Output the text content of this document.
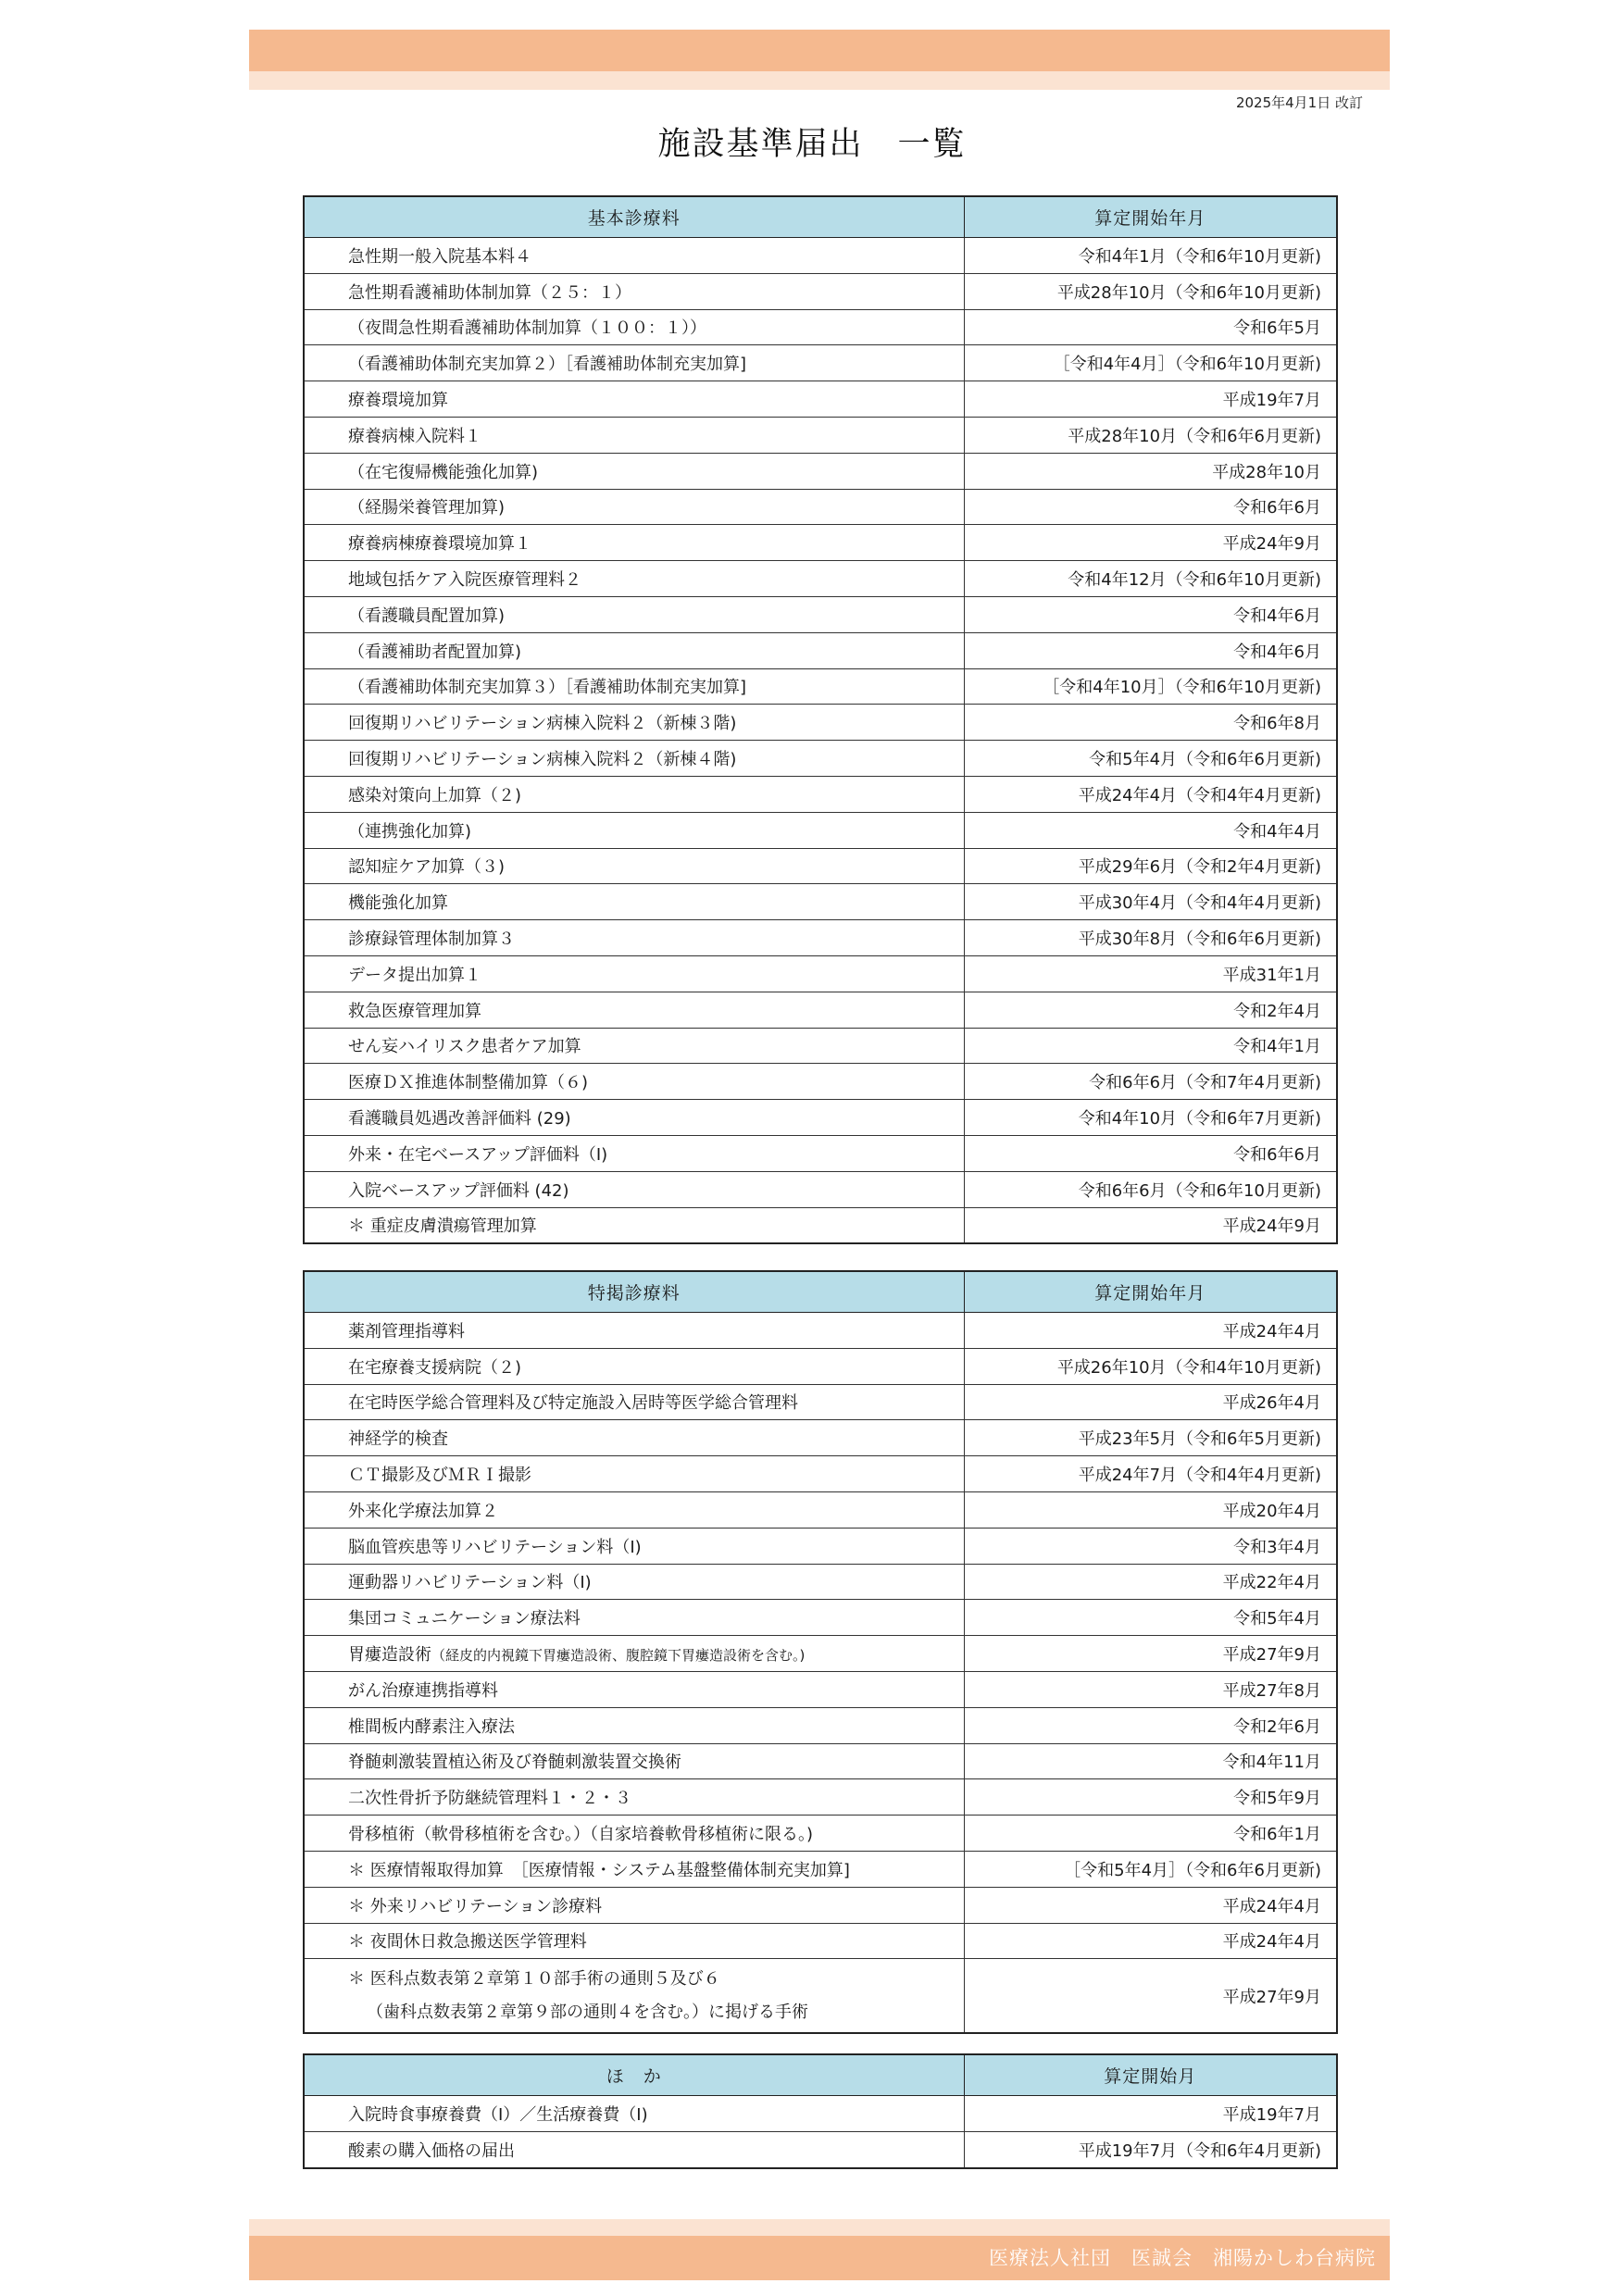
2025年4月1日 改訂
施設基準届出　一覧
基本診療料	算定開始年月
急性期一般入院基本料４	令和4年1月（令和6年10月更新)
急性期看護補助体制加算（２５：１）	平成28年10月（令和6年10月更新)
（夜間急性期看護補助体制加算（１００：１））	令和6年5月
（看護補助体制充実加算２）［看護補助体制充実加算]	［令和4年4月］（令和6年10月更新)
療養環境加算	平成19年7月
療養病棟入院料１	平成28年10月（令和6年6月更新)
（在宅復帰機能強化加算)	平成28年10月
（経腸栄養管理加算)	令和6年6月
療養病棟療養環境加算１	平成24年9月
地域包括ケア入院医療管理料２	令和4年12月（令和6年10月更新)
（看護職員配置加算)	令和4年6月
（看護補助者配置加算)	令和4年6月
（看護補助体制充実加算３）［看護補助体制充実加算]	［令和4年10月］（令和6年10月更新)
回復期リハビリテーション病棟入院料２（新棟３階)	令和6年8月
回復期リハビリテーション病棟入院料２（新棟４階)	令和5年4月（令和6年6月更新)
感染対策向上加算（２)	平成24年4月（令和4年4月更新)
（連携強化加算)	令和4年4月
認知症ケア加算（３)	平成29年6月（令和2年4月更新)
機能強化加算	平成30年4月（令和4年4月更新)
診療録管理体制加算３	平成30年8月（令和6年6月更新)
データ提出加算１	平成31年1月
救急医療管理加算	令和2年4月
せん妄ハイリスク患者ケア加算	令和4年1月
医療ＤＸ推進体制整備加算（６)	令和6年6月（令和7年4月更新)
看護職員処遇改善評価料 (29)	令和4年10月（令和6年7月更新)
外来・在宅ベースアップ評価料（Ⅰ)	令和6年6月
入院ベースアップ評価料 (42)	令和6年6月（令和6年10月更新)
＊ 重症皮膚潰瘍管理加算	平成24年9月
特掲診療料	算定開始年月
薬剤管理指導料	平成24年4月
在宅療養支援病院（２)	平成26年10月（令和4年10月更新)
在宅時医学総合管理料及び特定施設入居時等医学総合管理料	平成26年4月
神経学的検査	平成23年5月（令和6年5月更新)
ＣＴ撮影及びＭＲＩ撮影	平成24年7月（令和4年4月更新)
外来化学療法加算２	平成20年4月
脳血管疾患等リハビリテーション料（Ⅰ)	令和3年4月
運動器リハビリテーション料（Ⅰ)	平成22年4月
集団コミュニケーション療法料	令和5年4月
胃瘻造設術（経皮的内視鏡下胃瘻造設術、腹腔鏡下胃瘻造設術を含む。)	平成27年9月
がん治療連携指導料	平成27年8月
椎間板内酵素注入療法	令和2年6月
脊髄刺激装置植込術及び脊髄刺激装置交換術	令和4年11月
二次性骨折予防継続管理料１・２・３	令和5年9月
骨移植術（軟骨移植術を含む。）（自家培養軟骨移植術に限る。)	令和6年1月
＊ 医療情報取得加算　［医療情報・システム基盤整備体制充実加算]	［令和5年4月］（令和6年6月更新)
＊ 外来リハビリテーション診療料	平成24年4月
＊ 夜間休日救急搬送医学管理料	平成24年4月
＊ 医科点数表第２章第１０部手術の通則５及び６
（歯科点数表第２章第９部の通則４を含む。）に掲げる手術	平成27年9月
ほ　か	算定開始月
入院時食事療養費（Ⅰ）／生活療養費（Ⅰ)	平成19年7月
酸素の購入価格の届出	平成19年7月（令和6年4月更新)
医療法人社団　医誠会　湘陽かしわ台病院
